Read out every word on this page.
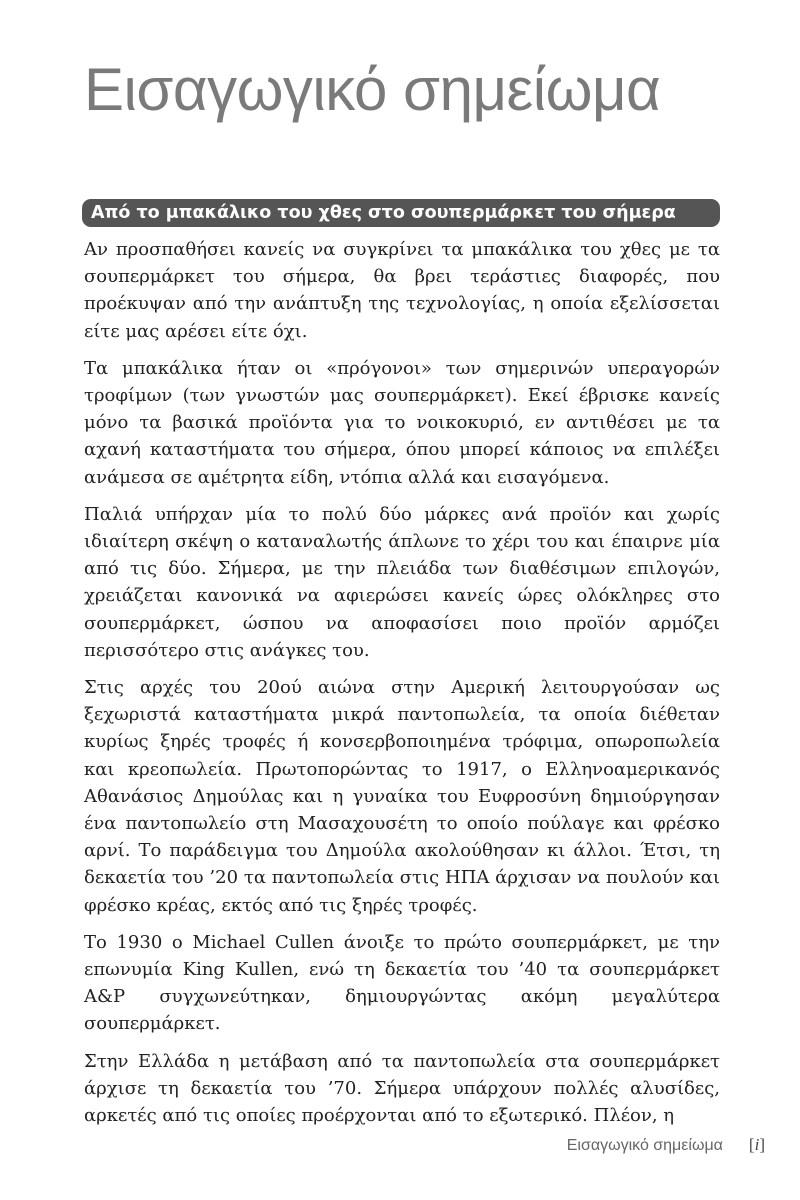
Εισαγωγικό σημείωμα
Από το μπακάλικο του χθες στο σουπερμάρκετ του σήμερα

Αν προσπαθήσει κανείς να συγκρίνει τα μπακάλικα του χθες με τα σουπερμάρκετ του σήμερα, θα βρει τεράστιες διαφορές, που προέκυψαν από την ανάπτυξη της τεχνολογίας, η οποία εξελίσσεται είτε μας αρέσει είτε όχι.

Τα μπακάλικα ήταν οι «πρόγονοι» των σημερινών υπεραγορών τροφίμων (των γνωστών μας σουπερμάρκετ). Εκεί έβρισκε κανείς μόνο τα βασικά προϊόντα για το νοικοκυριό, εν αντιθέσει με τα αχανή καταστήματα του σήμερα, όπου μπορεί κάποιος να επιλέξει ανάμεσα σε αμέτρητα είδη, ντόπια αλλά και εισαγόμενα.

Παλιά υπήρχαν μία το πολύ δύο μάρκες ανά προϊόν και χωρίς ιδιαίτερη σκέψη ο καταναλωτής άπλωνε το χέρι του και έπαιρνε μία από τις δύο. Σήμερα, με την πλειάδα των διαθέσιμων επιλογών, χρειάζεται κανονικά να αφιερώσει κανείς ώρες ολόκληρες στο σουπερμάρκετ, ώσπου να αποφασίσει ποιο προϊόν αρμόζει περισσότερο στις ανάγκες του.

Στις αρχές του 20ού αιώνα στην Αμερική λειτουργούσαν ως ξεχωριστά καταστήματα μικρά παντοπωλεία, τα οποία διέθεταν κυρίως ξηρές τροφές ή κονσερβοποιημένα τρόφιμα, οπωροπωλεία και κρεοπωλεία. Πρωτοπορώντας το 1917, ο Ελληνοαμερικανός Αθανάσιος Δημούλας και η γυναίκα του Ευφροσύνη δημιούργησαν ένα παντοπωλείο στη Μασαχουσέτη το οποίο πούλαγε και φρέσκο αρνί. Το παράδειγμα του Δημούλα ακολούθησαν κι άλλοι. Έτσι, τη δεκαετία του ’20 τα παντοπωλεία στις ΗΠΑ άρχισαν να πουλούν και φρέσκο κρέας, εκτός από τις ξηρές τροφές.

Το 1930 ο Michael Cullen άνοιξε το πρώτο σουπερμάρκετ, με την επωνυμία King Kullen, ενώ τη δεκαετία του ’40 τα σουπερμάρκετ A&P συγχωνεύτηκαν, δημιουργώντας ακόμη μεγαλύτερα σουπερμάρκετ.

Στην Ελλάδα η μετάβαση από τα παντοπωλεία στα σουπερμάρκετ άρχισε τη δεκαετία του ’70. Σήμερα υπάρχουν πολλές αλυσίδες, αρκετές από τις οποίες προέρχονται από το εξωτερικό. Πλέον, η

Εισαγωγικό σημείωμα [i]
